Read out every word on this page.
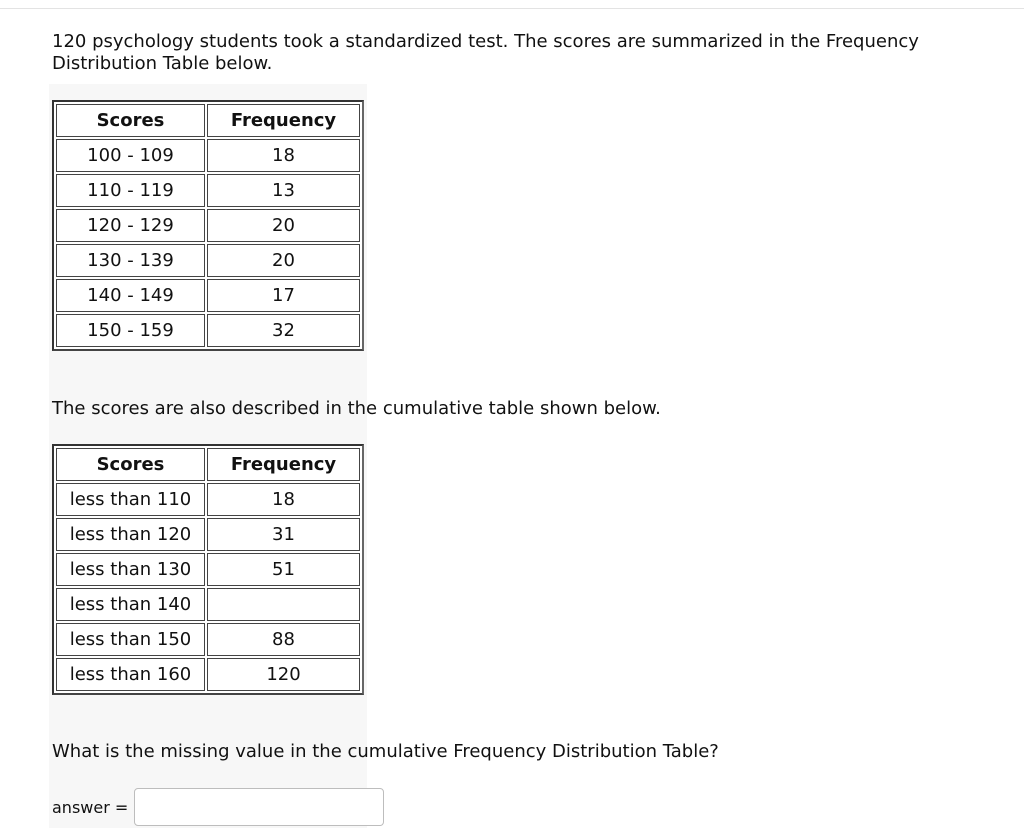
120 psychology students took a standardized test. The scores are summarized in the Frequency Distribution Table below.

Scores	Frequency
100 - 109	18
110 - 119	13
120 - 129	20
130 - 139	20
140 - 149	17
150 - 159	32

The scores are also described in the cumulative table shown below.

Scores	Frequency
less than 110	18
less than 120	31
less than 130	51
less than 140	
less than 150	88
less than 160	120

What is the missing value in the cumulative Frequency Distribution Table?

answer =
